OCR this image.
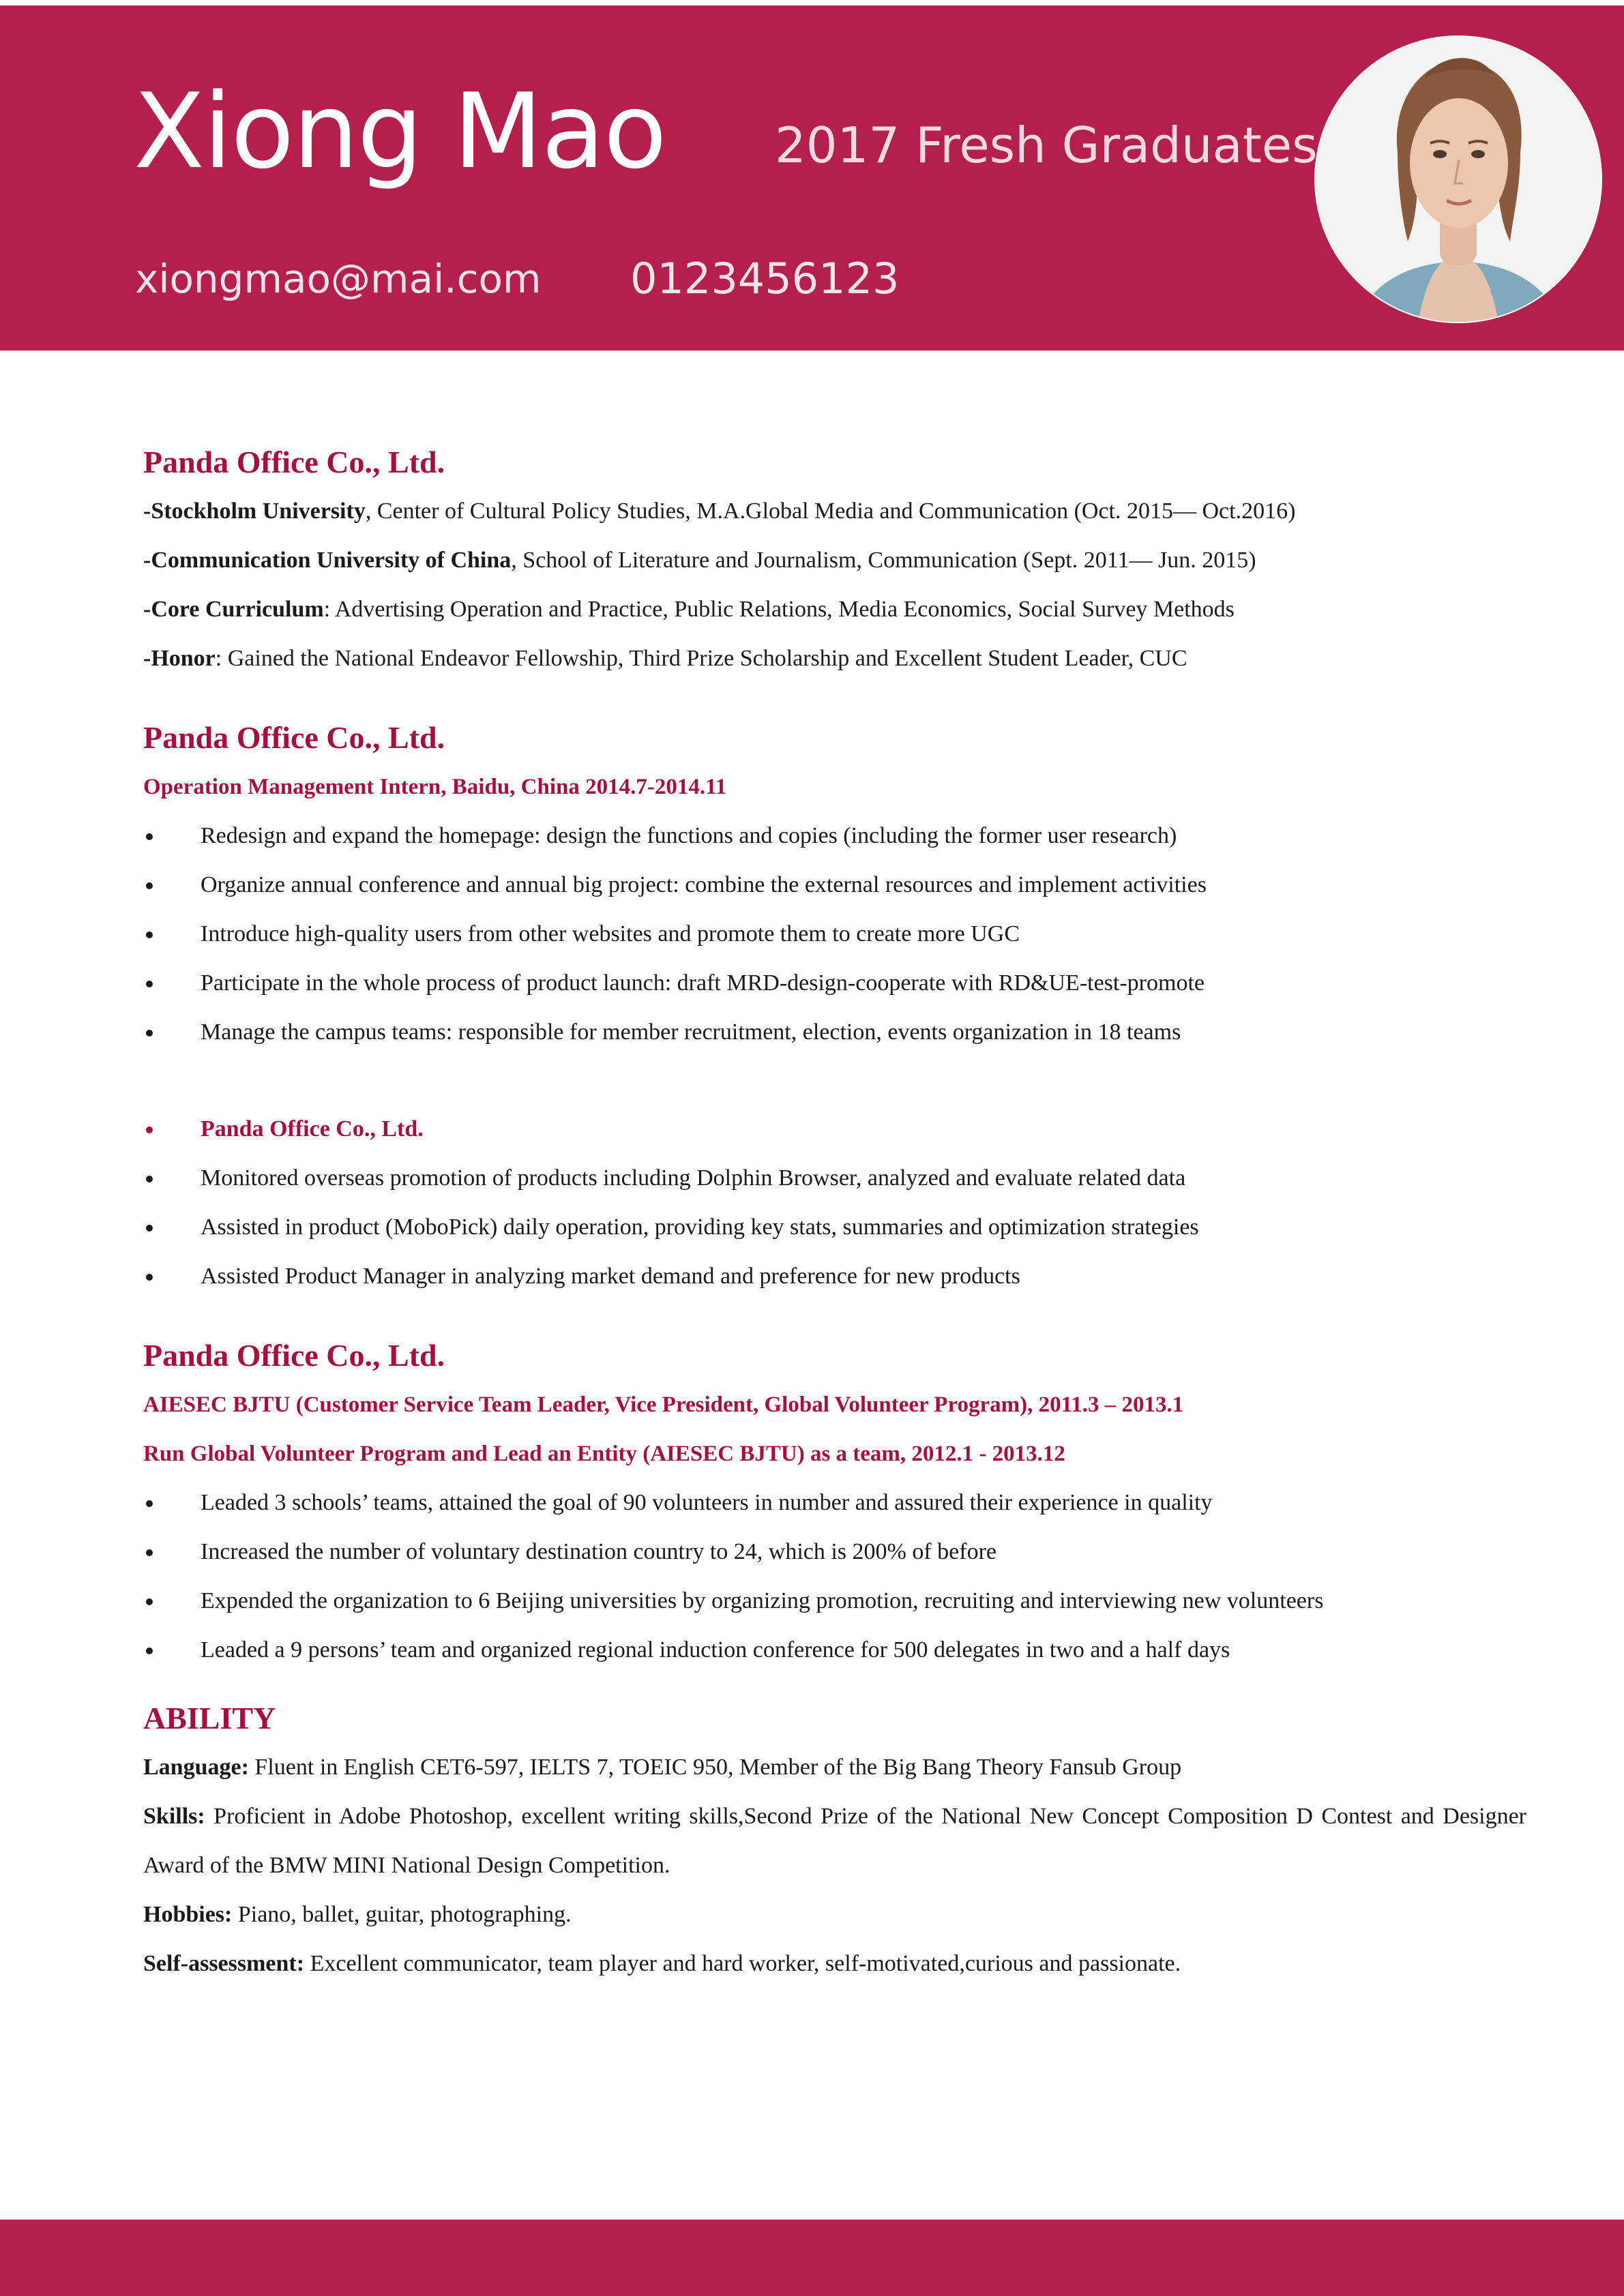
Xiong Mao 2017 Fresh Graduates
xiongmao@mai.com 0123456123

Panda Office Co., Ltd.

-Stockholm University, Center of Cultural Policy Studies, M.A.Global Media and Communication (Oct. 2015— Oct.2016)

-Communication University of China, School of Literature and Journalism, Communication (Sept. 2011— Jun. 2015)

-Core Curriculum: Advertising Operation and Practice, Public Relations, Media Economics, Social Survey Methods

-Honor: Gained the National Endeavor Fellowship, Third Prize Scholarship and Excellent Student Leader, CUC

Panda Office Co., Ltd.

Operation Management Intern, Baidu, China 2014.7-2014.11

Redesign and expand the homepage: design the functions and copies (including the former user research)
Organize annual conference and annual big project: combine the external resources and implement activities
Introduce high-quality users from other websites and promote them to create more UGC
Participate in the whole process of product launch: draft MRD-design-cooperate with RD&UE-test-promote
Manage the campus teams: responsible for member recruitment, election, events organization in 18 teams
Panda Office Co., Ltd.
Monitored overseas promotion of products including Dolphin Browser, analyzed and evaluate related data
Assisted in product (MoboPick) daily operation, providing key stats, summaries and optimization strategies
Assisted Product Manager in analyzing market demand and preference for new products

Panda Office Co., Ltd.

AIESEC BJTU (Customer Service Team Leader, Vice President, Global Volunteer Program), 2011.3 – 2013.1

Run Global Volunteer Program and Lead an Entity (AIESEC BJTU) as a team, 2012.1 - 2013.12

Leaded 3 schools’ teams, attained the goal of 90 volunteers in number and assured their experience in quality
Increased the number of voluntary destination country to 24, which is 200% of before
Expended the organization to 6 Beijing universities by organizing promotion, recruiting and interviewing new volunteers
Leaded a 9 persons’ team and organized regional induction conference for 500 delegates in two and a half days

ABILITY

Language: Fluent in English CET6-597, IELTS 7, TOEIC 950, Member of the Big Bang Theory Fansub Group

Skills: Proficient in Adobe Photoshop, excellent writing skills,Second Prize of the National New Concept Composition D Contest and Designer Award of the BMW MINI National Design Competition.

Hobbies: Piano, ballet, guitar, photographing.

Self-assessment: Excellent communicator, team player and hard worker, self-motivated,curious and passionate.
